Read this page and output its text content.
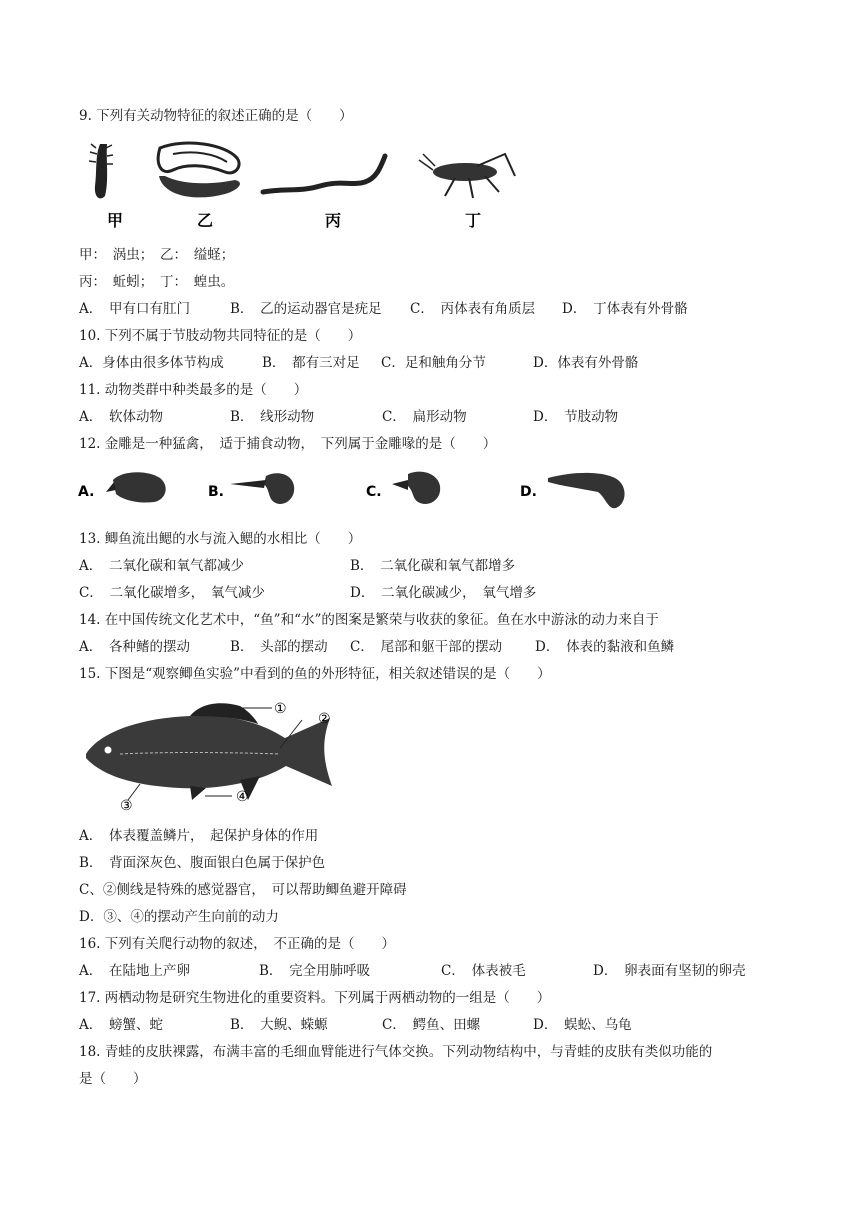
9. 下列有关动物特征的叙述正确的是（　　）
甲	乙	丙	丁
甲：　涡虫；　乙：　缢蛏；
丙：　蚯蚓；　丁：　蝗虫。
A．　甲有口有肛门	B．　乙的运动器官是疣足 C．　丙体表有角质层 D．　丁体表有外骨骼
10. 下列不属于节肢动物共同特征的是（　　）
A．身体由很多体节构成	B．　都有三对足 C．足和触角分节	D．体表有外骨骼
11. 动物类群中种类最多的是（　　）
A．　软体动物	B．　线形动物	C．　扁形动物	D．　节肢动物
12. 金雕是一种猛禽，　适于捕食动物，　下列属于金雕喙的是（　　）
A.	B.	C.	D.
13. 鲫鱼流出鳃的水与流入鳃的水相比（　　）
A．　二氧化碳和氧气都减少	B．　二氧化碳和氧气都增多
C．　二氧化碳增多，　氧气减少	D．　二氧化碳减少，　氧气增多
14. 在中国传统文化艺术中，“鱼”和“水”的图案是繁荣与收获的象征。鱼在水中游泳的动力来自于
A．　各种鳍的摆动	B．　头部的摆动 C．　尾部和躯干部的摆动 D．　体表的黏液和鱼鳞
15. 下图是“观察鲫鱼实验”中看到的鱼的外形特征，相关叙述错误的是（　　）
①
②
③
④
A．　体表覆盖鳞片，　起保护身体的作用
B．　背面深灰色、腹面银白色属于保护色
C、②侧线是特殊的感觉器官，　可以帮助鲫鱼避开障碍
D．③、④的摆动产生向前的动力
16. 下列有关爬行动物的叙述，　不正确的是（　　）
A．　在陆地上产卵	B．　完全用肺呼吸	C．　体表被毛	D．　卵表面有坚韧的卵壳
17. 两栖动物是研究生物进化的重要资料。下列属于两栖动物的一组是（　　）
A．　螃蟹、蛇	B．　大鲵、蝾螈	C．　鳄鱼、田螺	D．　蜈蚣、乌龟
18. 青蛙的皮肤裸露，布满丰富的毛细血臂能进行气体交换。下列动物结构中，与青蛙的皮肤有类似功能的
是（　　）
